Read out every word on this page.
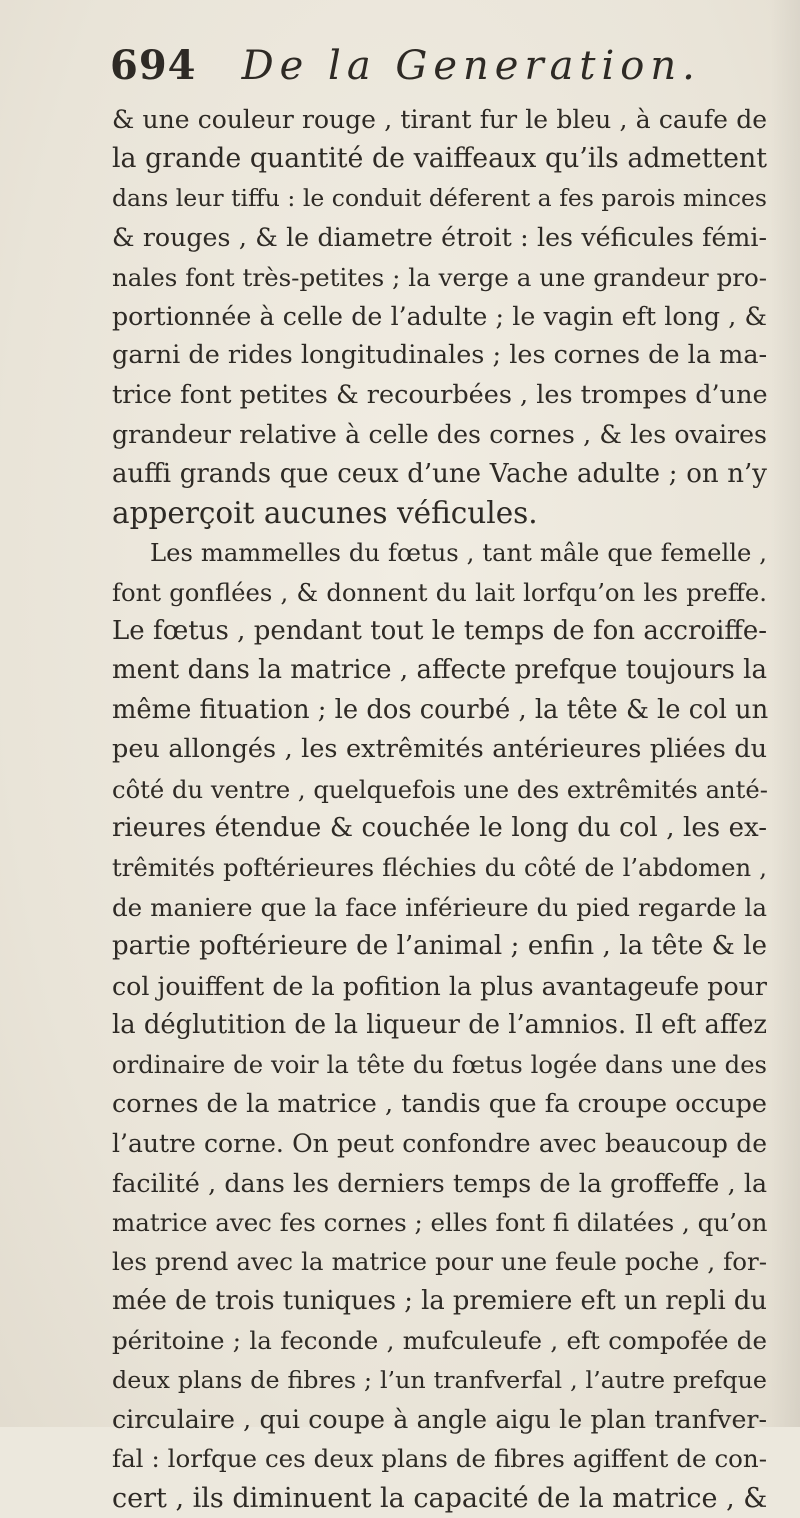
694 De la Generation.
& une couleur rouge , tirant fur le bleu , à caufe de
la grande quantité de vaiffeaux qu’ils admettent
dans leur tiffu : le conduit déferent a fes parois minces
& rouges , & le diametre étroit : les véficules fémi-
nales font très-petites ; la verge a une grandeur pro-
portionnée à celle de l’adulte ; le vagin eft long , &
garni de rides longitudinales ; les cornes de la ma-
trice font petites & recourbées , les trompes d’une
grandeur relative à celle des cornes , & les ovaires
auffi grands que ceux d’une Vache adulte ; on n’y
apperçoit aucunes véficules.
Les mammelles du fœtus , tant mâle que femelle ,
font gonflées , & donnent du lait lorfqu’on les preffe.
Le fœtus , pendant tout le temps de fon accroiffe-
ment dans la matrice , affecte prefque toujours la
même fituation ; le dos courbé , la tête & le col un
peu allongés , les extrêmités antérieures pliées du
côté du ventre , quelquefois une des extrêmités anté-
rieures étendue & couchée le long du col , les ex-
trêmités poftérieures fléchies du côté de l’abdomen ,
de maniere que la face inférieure du pied regarde la
partie poftérieure de l’animal ; enfin , la tête & le
col jouiffent de la pofition la plus avantageufe pour
la déglutition de la liqueur de l’amnios. Il eft affez
ordinaire de voir la tête du fœtus logée dans une des
cornes de la matrice , tandis que fa croupe occupe
l’autre corne. On peut confondre avec beaucoup de
facilité , dans les derniers temps de la groffeffe , la
matrice avec fes cornes ; elles font fi dilatées , qu’on
les prend avec la matrice pour une feule poche , for-
mée de trois tuniques ; la premiere eft un repli du
péritoine ; la feconde , mufculeufe , eft compofée de
deux plans de fibres ; l’un tranfverfal , l’autre prefque
circulaire , qui coupe à angle aigu le plan tranfver-
fal : lorfque ces deux plans de fibres agiffent de con-
cert , ils diminuent la capacité de la matrice , &
